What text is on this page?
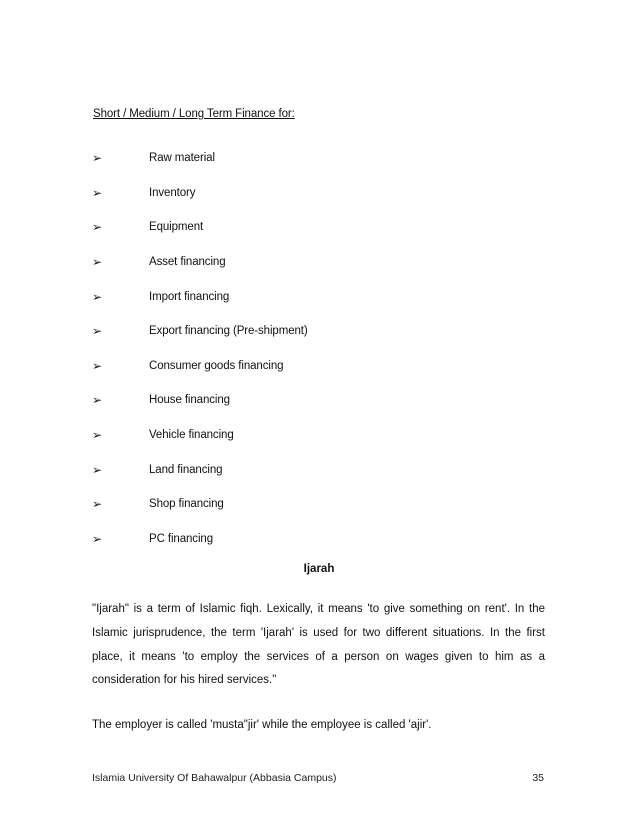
Short / Medium / Long Term Finance for:
➢	Raw material
➢	Inventory
➢	Equipment
➢	Asset financing
➢	Import financing
➢	Export financing (Pre-shipment)
➢	Consumer goods financing
➢	House financing
➢	Vehicle financing
➢	Land financing
➢	Shop financing
➢	PC financing
Ijarah
"Ijarah" is a term of Islamic fiqh. Lexically, it means 'to give something on rent'. In the Islamic jurisprudence, the term 'Ijarah' is used for two different situations. In the first place, it means 'to employ the services of a person on wages given to him as a consideration for his hired services."
The employer is called 'musta"jir' while the employee is called 'ajir'.
Islamia University Of Bahawalpur (Abbasia Campus)	35
